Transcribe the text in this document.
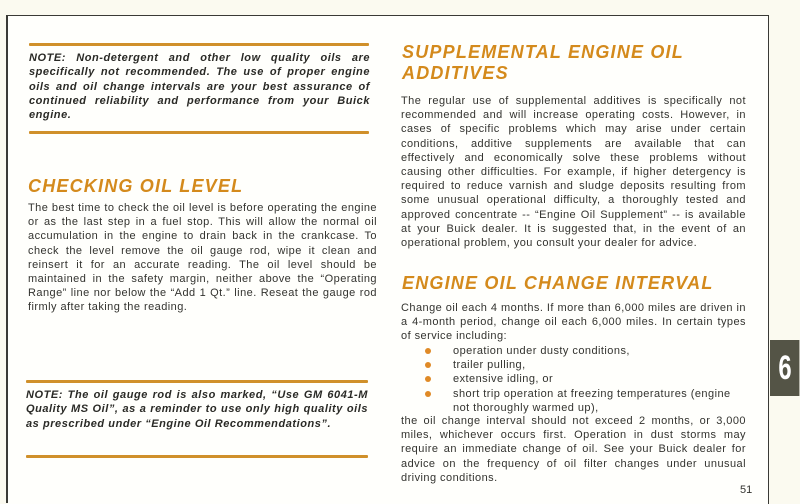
NOTE: Non-detergent and other low quality oils are specifically not recommended. The use of proper engine oils and oil change intervals are your best assurance of continued reliability and performance from your Buick engine.
CHECKING OIL LEVEL
The best time to check the oil level is before operating the engine or as the last step in a fuel stop. This will allow the normal oil accumulation in the engine to drain back in the crankcase. To check the level remove the oil gauge rod, wipe it clean and reinsert it for an accurate reading. The oil level should be maintained in the safety margin, neither above the “Operating Range” line nor below the “Add 1 Qt.” line. Reseat the gauge rod firmly after taking the reading.
NOTE: The oil gauge rod is also marked, “Use GM 6041-M Quality MS Oil”, as a reminder to use only high quality oils as prescribed under “Engine Oil Recommendations”.
SUPPLEMENTAL ENGINE OIL
ADDITIVES
The regular use of supplemental additives is specifically not recommended and will increase operating costs. However, in cases of specific problems which may arise under certain conditions, additive supplements are available that can effectively and economically solve these problems without causing other difficulties. For example, if higher detergency is required to reduce varnish and sludge deposits resulting from some unusual operational difficulty, a thoroughly tested and approved concentrate -- “Engine Oil Supplement” -- is available at your Buick dealer. It is suggested that, in the event of an operational problem, you consult your dealer for advice.
ENGINE OIL CHANGE INTERVAL
Change oil each 4 months. If more than 6,000 miles are driven in a 4-month period, change oil each 6,000 miles. In certain types of service including:
operation under dusty conditions,
trailer pulling,
extensive idling, or
short trip operation at freezing temperatures (engine not thoroughly warmed up),
the oil change interval should not exceed 2 months, or 3,000 miles, whichever occurs first. Operation in dust storms may require an immediate change of oil. See your Buick dealer for advice on the frequency of oil filter changes under unusual driving conditions.
6
51
